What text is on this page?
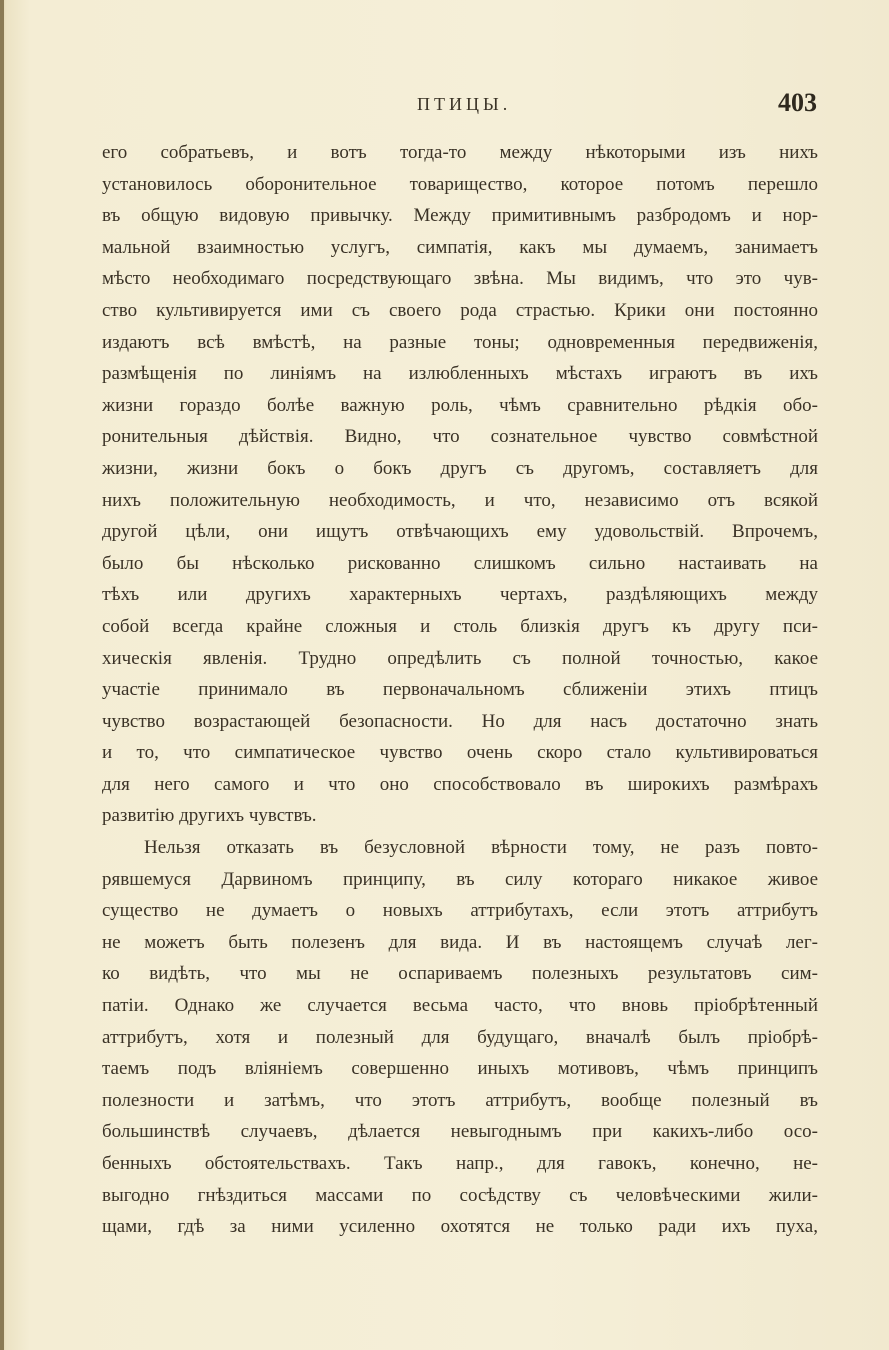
ПТИЦЫ.	403
его собратьевъ, и вотъ тогда-то между нѣкоторыми изъ нихъ
установилось оборонительное товарищество, которое потомъ перешло
въ общую видовую привычку. Между примитивнымъ разбродомъ и нор-
мальной взаимностью услугъ, симпатія, какъ мы думаемъ, занимаетъ
мѣсто необходимаго посредствующаго звѣна. Мы видимъ, что это чув-
ство культивируется ими съ своего рода страстью. Крики они постоянно
издаютъ всѣ вмѣстѣ, на разные тоны; одновременныя передвиженія,
размѣщенія по линіямъ на излюбленныхъ мѣстахъ играютъ въ ихъ
жизни гораздо болѣе важную роль, чѣмъ сравнительно рѣдкія обо-
ронительныя дѣйствія. Видно, что сознательное чувство совмѣстной
жизни, жизни бокъ о бокъ другъ съ другомъ, составляетъ для
нихъ положительную необходимость, и что, независимо отъ всякой
другой цѣли, они ищутъ отвѣчающихъ ему удовольствій. Впрочемъ,
было бы нѣсколько рискованно слишкомъ сильно настаивать на
тѣхъ или другихъ характерныхъ чертахъ, раздѣляющихъ между
собой всегда крайне сложныя и столь близкія другъ къ другу пси-
хическія явленія. Трудно опредѣлить съ полной точностью, какое
участіе принимало въ первоначальномъ сближеніи этихъ птицъ
чувство возрастающей безопасности. Но для насъ достаточно знать
и то, что симпатическое чувство очень скоро стало культивироваться
для него самого и что оно способствовало въ широкихъ размѣрахъ
развитію другихъ чувствъ.
Нельзя отказать въ безусловной вѣрности тому, не разъ повто-
рявшемуся Дарвиномъ принципу, въ силу котораго никакое живое
существо не думаетъ о новыхъ аттрибутахъ, если этотъ аттрибутъ
не можетъ быть полезенъ для вида. И въ настоящемъ случаѣ лег-
ко видѣть, что мы не оспариваемъ полезныхъ результатовъ сим-
патіи. Однако же случается весьма часто, что вновь пріобрѣтенный
аттрибутъ, хотя и полезный для будущаго, вначалѣ былъ пріобрѣ-
таемъ подъ вліяніемъ совершенно иныхъ мотивовъ, чѣмъ принципъ
полезности и затѣмъ, что этотъ аттрибутъ, вообще полезный въ
большинствѣ случаевъ, дѣлается невыгоднымъ при какихъ-либо осо-
бенныхъ обстоятельствахъ. Такъ напр., для гавокъ, конечно, не-
выгодно гнѣздиться массами по сосѣдству съ человѣческими жили-
щами, гдѣ за ними усиленно охотятся не только ради ихъ пуха,
